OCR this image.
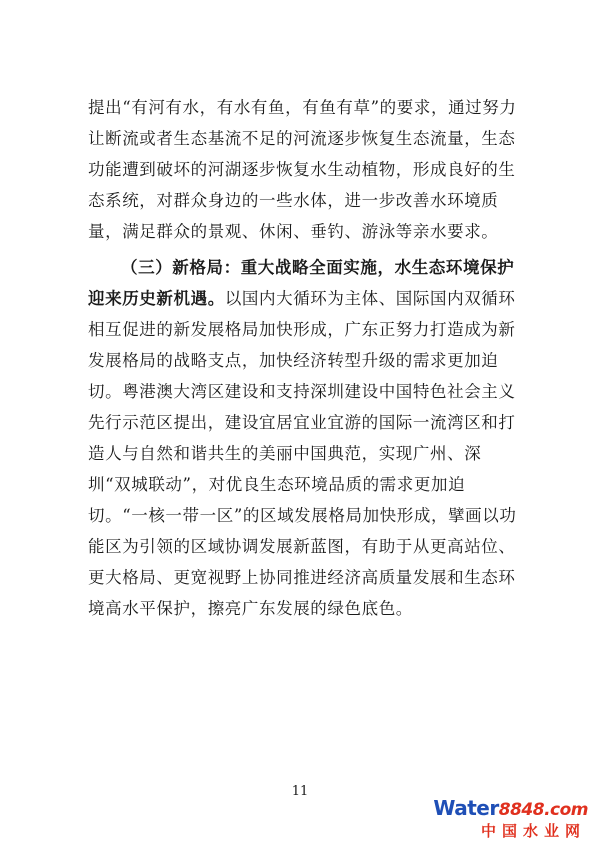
提出“有河有水，有水有鱼，有鱼有草”的要求，通过努力让断流或者生态基流不足的河流逐步恢复生态流量，生态功能遭到破坏的河湖逐步恢复水生动植物，形成良好的生态系统，对群众身边的一些水体，进一步改善水环境质量，满足群众的景观、休闲、垂钓、游泳等亲水要求。

（三）新格局：重大战略全面实施，水生态环境保护迎来历史新机遇。以国内大循环为主体、国际国内双循环相互促进的新发展格局加快形成，广东正努力打造成为新发展格局的战略支点，加快经济转型升级的需求更加迫切。粤港澳大湾区建设和支持深圳建设中国特色社会主义先行示范区提出，建设宜居宜业宜游的国际一流湾区和打造人与自然和谐共生的美丽中国典范，实现广州、深圳“双城联动”，对优良生态环境品质的需求更加迫切。“一核一带一区”的区域发展格局加快形成，擘画以功能区为引领的区域协调发展新蓝图，有助于从更高站位、更大格局、更宽视野上协同推进经济高质量发展和生态环境高水平保护，擦亮广东发展的绿色底色。

11
Water8848.com
中国水业网
